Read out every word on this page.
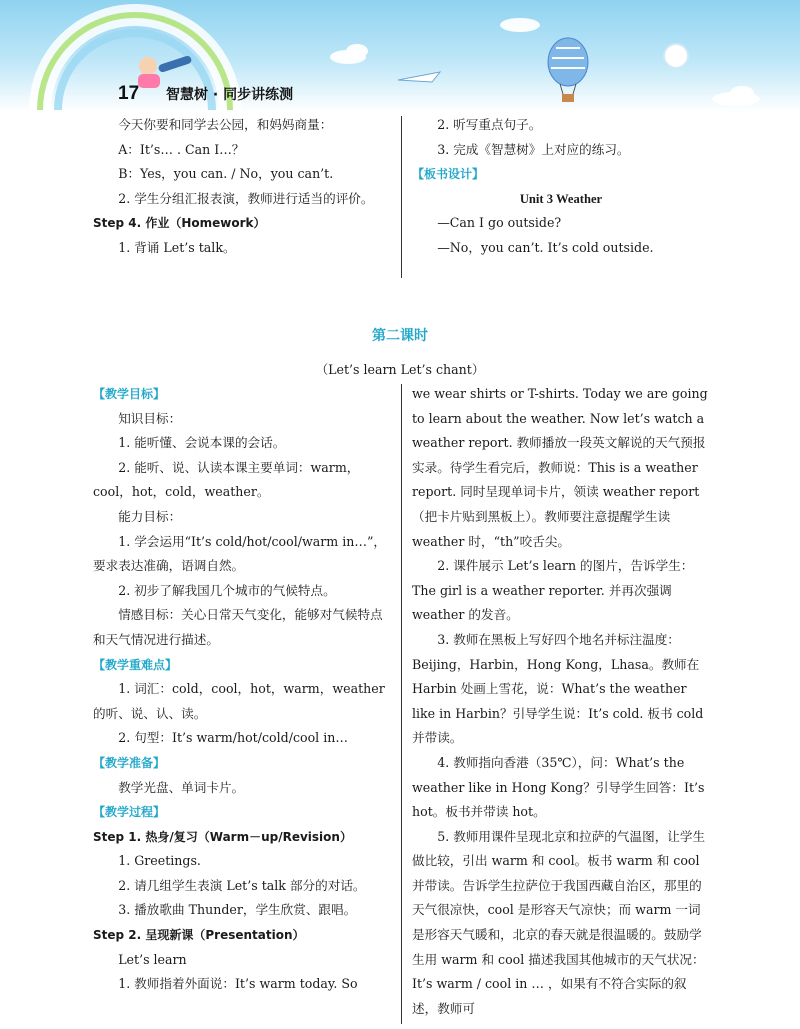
17	智慧树 · 同步讲练测

今天你要和同学去公园，和妈妈商量：

A：It’s… . Can I…？

B：Yes，you can. / No，you can’t.

2. 学生分组汇报表演，教师进行适当的评价。

Step 4. 作业（Homework）

1. 背诵 Let’s talk。

2. 听写重点句子。

3. 完成《智慧树》上对应的练习。

【板书设计】

Unit 3 Weather

—Can I go outside?

—No，you can’t. It’s cold outside.

第二课时
（Let’s learn Let’s chant）

【教学目标】

知识目标：

1. 能听懂、会说本课的会话。

2. 能听、说、认读本课主要单词：warm，cool，hot，cold，weather。

能力目标：

1. 学会运用“It’s cold/hot/cool/warm in…”，要求表达准确，语调自然。

2. 初步了解我国几个城市的气候特点。

情感目标：关心日常天气变化，能够对气候特点和天气情况进行描述。

【教学重难点】

1. 词汇：cold，cool，hot，warm，weather 的听、说、认、读。

2. 句型：It’s warm/hot/cold/cool in…

【教学准备】

教学光盘、单词卡片。

【教学过程】

Step 1. 热身/复习（Warm－up/Revision）

1. Greetings.

2. 请几组学生表演 Let’s talk 部分的对话。

3. 播放歌曲 Thunder，学生欣赏、跟唱。

Step 2. 呈现新课（Presentation）

Let’s learn

1. 教师指着外面说：It’s warm today. So

we wear shirts or T-shirts. Today we are going to learn about the weather. Now let’s watch a weather report. 教师播放一段英文解说的天气预报实录。待学生看完后，教师说：This is a weather report. 同时呈现单词卡片，领读 weather report（把卡片贴到黑板上）。教师要注意提醒学生读 weather 时，“th”咬舌尖。

2. 课件展示 Let’s learn 的图片，告诉学生：The girl is a weather reporter. 并再次强调 weather 的发音。

3. 教师在黑板上写好四个地名并标注温度：Beijing，Harbin，Hong Kong，Lhasa。教师在 Harbin 处画上雪花，说：What’s the weather like in Harbin？引导学生说：It’s cold. 板书 cold 并带读。

4. 教师指向香港（35℃），问：What’s the weather like in Hong Kong？引导学生回答：It’s hot。板书并带读 hot。

5. 教师用课件呈现北京和拉萨的气温图，让学生做比较，引出 warm 和 cool。板书 warm 和 cool 并带读。告诉学生拉萨位于我国西藏自治区，那里的天气很凉快，cool 是形容天气凉快；而 warm 一词是形容天气暖和，北京的春天就是很温暖的。鼓励学生用 warm 和 cool 描述我国其他城市的天气状况：It’s warm / cool in … ，如果有不符合实际的叙述，教师可
